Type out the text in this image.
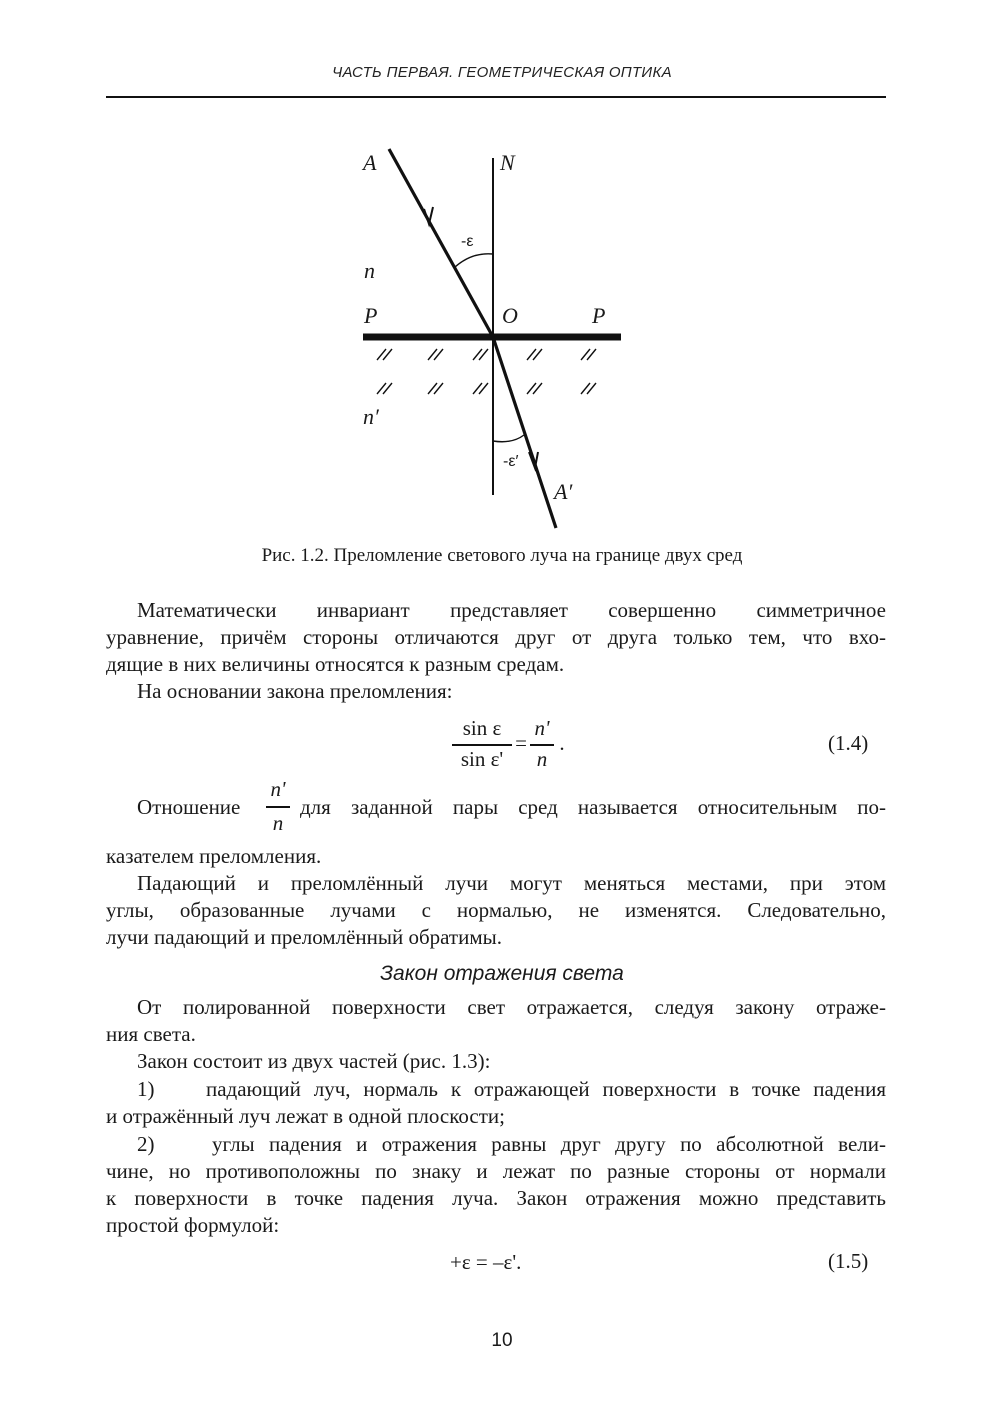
ЧАСТЬ ПЕРВАЯ. ГЕОМЕТРИЧЕСКАЯ ОПТИКА
A	N
-ε
n
P	O	P
n′
-ε′
A′
Рис. 1.2. Преломление светового луча на границе двух сред
Математически инвариант представляет совершенно симметричное
уравнение, причём стороны отличаются друг от друга только тем, что вхо-
дящие в них величины относятся к разным средам.
На основании закона преломления:
sin ε
sin ε'
=
n'
n
.	(1.4)
Отношение
n'
n
для заданной пары сред называется относительным по-
казателем преломления.
Падающий и преломлённый лучи могут меняться местами, при этом
углы, образованные лучами с нормалью, не изменятся. Следовательно,
лучи падающий и преломлённый обратимы.
Закон отражения света
От полированной поверхности свет отражается, следуя закону отраже-
ния света.
Закон состоит из двух частей (рис. 1.3):
1)    падающий луч, нормаль к отражающей поверхности в точке падения
и отражённый луч лежат в одной плоскости;
2)    углы падения и отражения равны друг другу по абсолютной вели-
чине, но противоположны по знаку и лежат по разные стороны от нормали
к поверхности в точке падения луча. Закон отражения можно представить
простой формулой:
+ε = –ε'.	(1.5)
10
